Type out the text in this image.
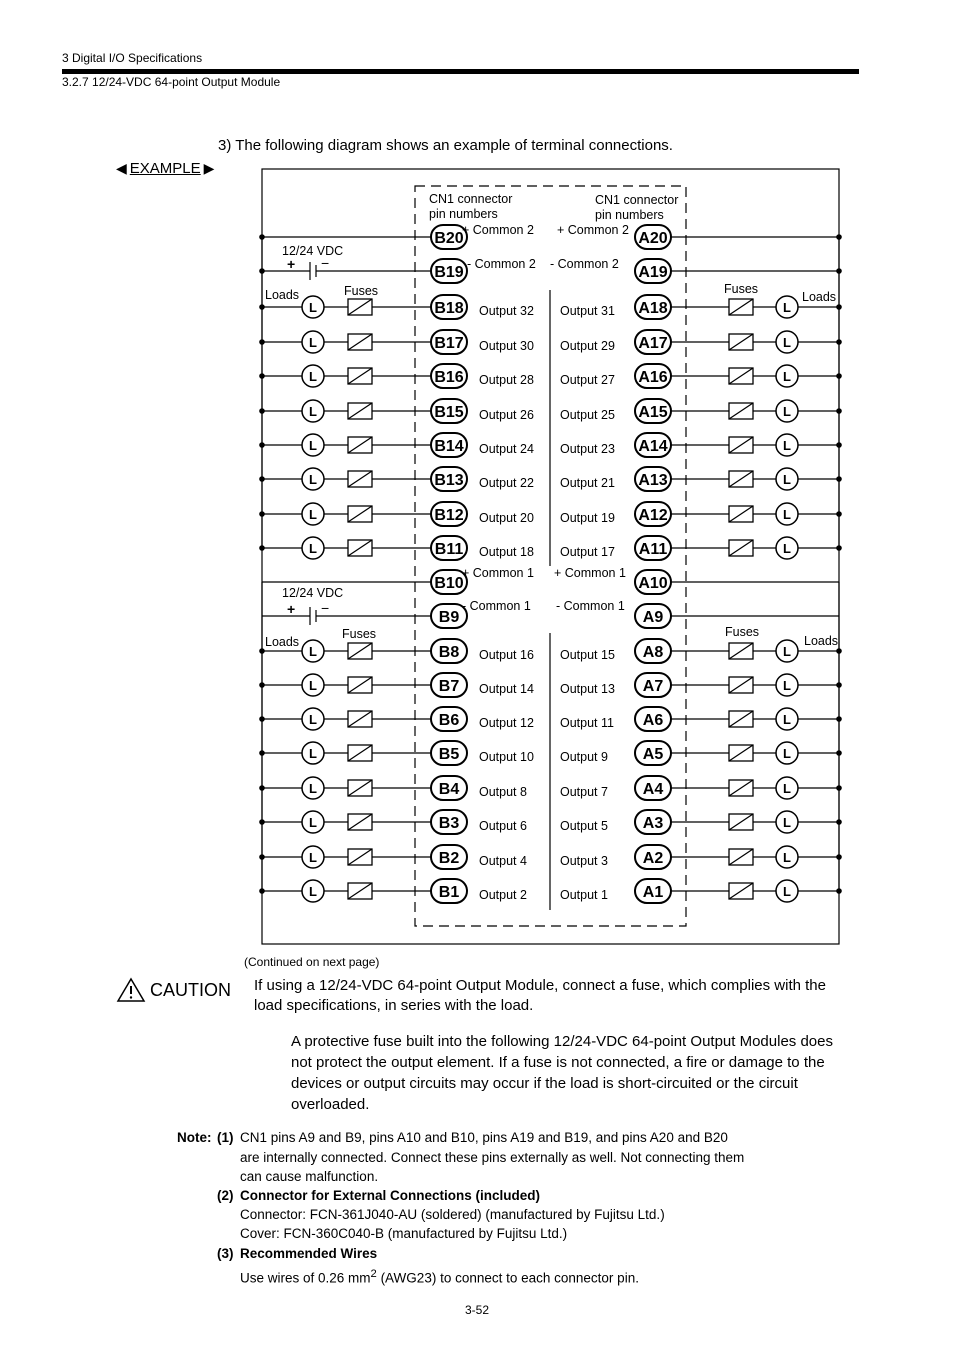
3 Digital I/O Specifications
3.2.7 12/24-VDC 64-point Output Module
3) The following diagram shows an example of terminal connections.
◀ EXAMPLE ▶
CN1 connector
pin numbers
CN1 connector
pin numbers
B20	A20
+ Common 2 + Common 2
12/24 VDC
+ −
B19	A19
- Common 2 - Common 2
Loads	Fuses	Fuses
Loads
L	L
B18	A18
Output 32 Output 31
L	L
B17	A17
Output 30 Output 29
L	L
B16	A16
Output 28 Output 27
L	L
B15	A15
Output 26 Output 25
L	L
B14	A14
Output 24 Output 23
L	L
B13	A13
Output 22 Output 21
L	L
B12	A12
Output 20 Output 19
L	L
B11	A11
Output 18 Output 17
B10	A10
+ Common 1 + Common 1
12/24 VDC
+ −
B9	A9
- Common 1 - Common 1
Loads
Fuses	Fuses
Loads
L	L
B8	A8
Output 16 Output 15
L	L
B7	A7
Output 14 Output 13
L	L
B6	A6
Output 12 Output 11
L	L
B5	A5
Output 10 Output 9
L	L
B4	A4
Output 8	Output 7
L	L
B3	A3
Output 6	Output 5
L	L
B2	A2
Output 4	Output 3
L	L
B1	A1
Output 2	Output 1
(Continued on next page)
CAUTION If using a 12/24-VDC 64-point Output Module, connect a fuse, which complies with the load specifications, in series with the load.
A protective fuse built into the following 12/24-VDC 64-point Output Modules does not protect the output element. If a fuse is not connected, a fire or damage to the devices or output circuits may occur if the load is short-circuited or the circuit overloaded.
Note: (1) CN1 pins A9 and B9, pins A10 and B10, pins A19 and B19, and pins A20 and B20 are internally connected. Connect these pins externally as well. Not connecting them can cause malfunction.
(2) Connector for External Connections (included)
Connector: FCN-361J040-AU (soldered) (manufactured by Fujitsu Ltd.)
Cover: FCN-360C040-B (manufactured by Fujitsu Ltd.)
(3) Recommended Wires
Use wires of 0.26 $mm^2$ (AWG23) to connect to each connector pin.
3-52
